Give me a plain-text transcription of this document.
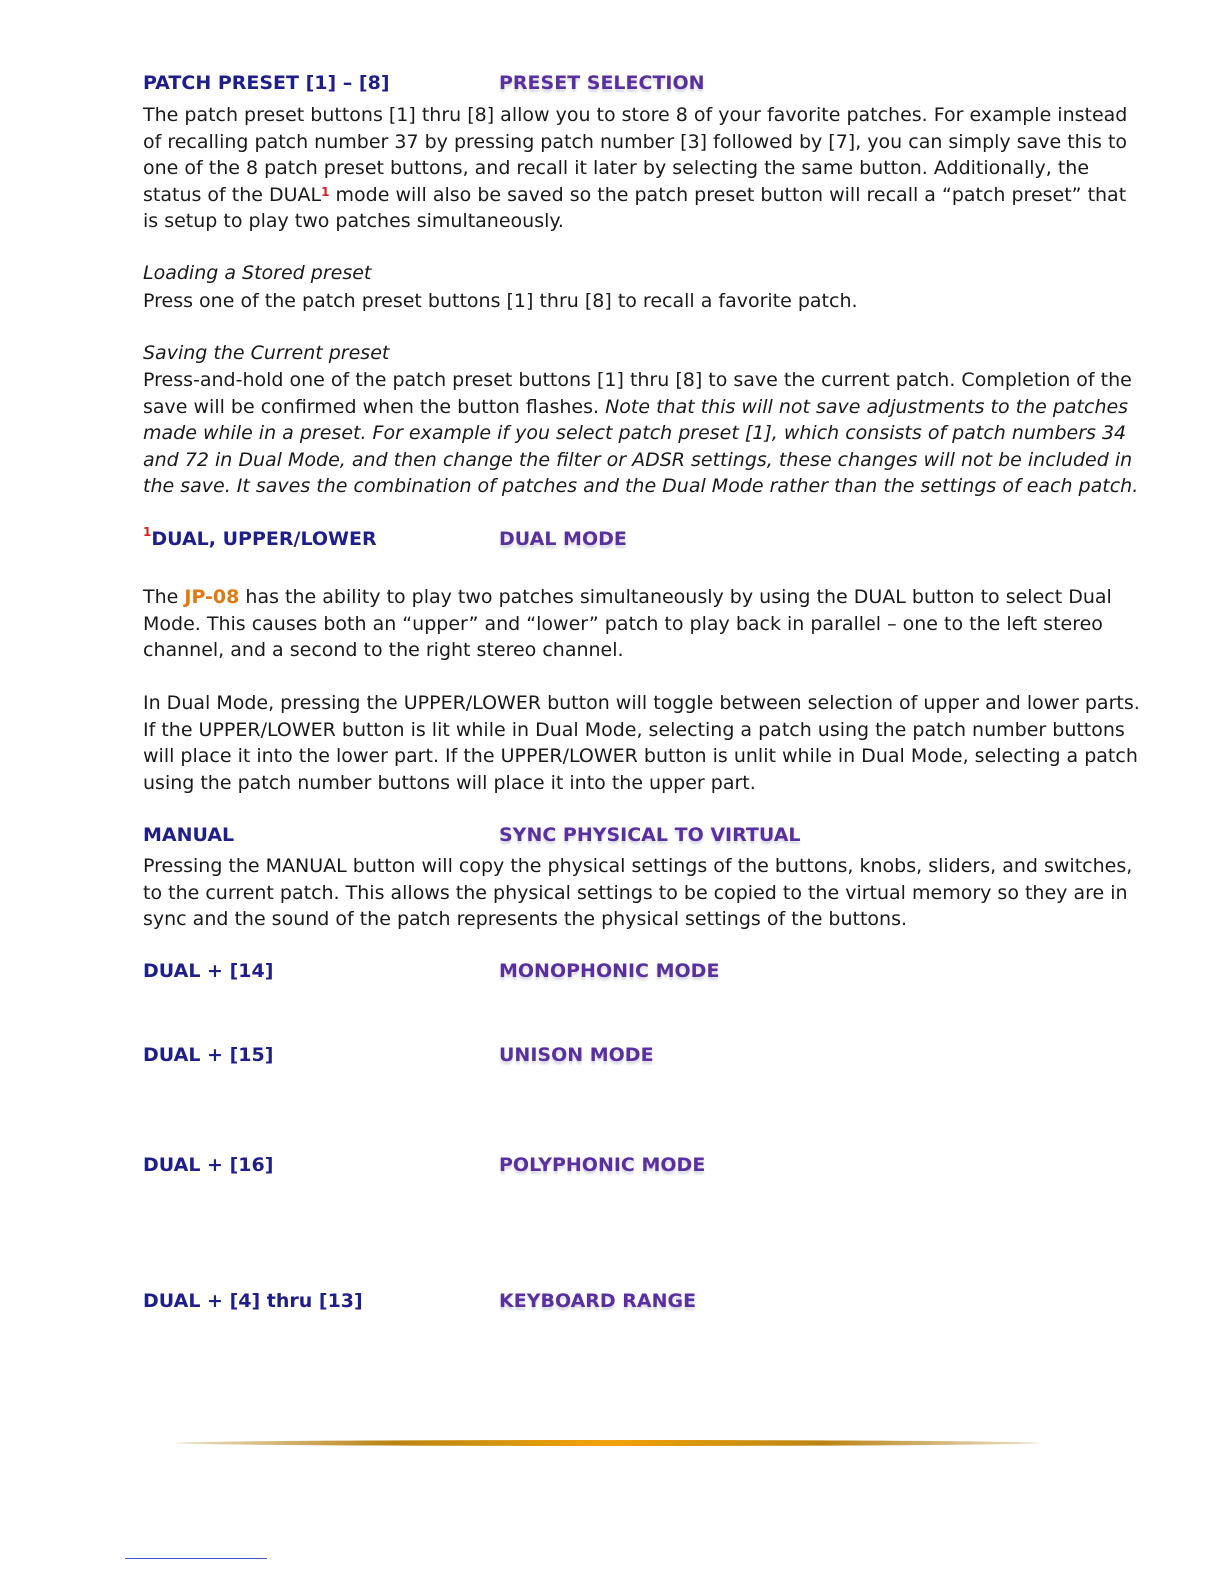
PATCH PRESET [1] – [8]	PRESET SELECTION
The patch preset buttons [1] thru [8] allow you to store 8 of your favorite patches. For example instead of recalling patch number 37 by pressing patch number [3] followed by [7], you can simply save this to one of the 8 patch preset buttons, and recall it later by selecting the same button. Additionally, the status of the DUAL$^1$ mode will also be saved so the patch preset button will recall a “patch preset” that is setup to play two patches simultaneously.
Loading a Stored preset
Press one of the patch preset buttons [1] thru [8] to recall a favorite patch.
Saving the Current preset
Press-and-hold one of the patch preset buttons [1] thru [8] to save the current patch. Completion of the save will be confirmed when the button flashes. Note that this will not save adjustments to the patches made while in a preset. For example if you select patch preset [1], which consists of patch numbers 34 and 72 in Dual Mode, and then change the filter or ADSR settings, these changes will not be included in the save. It saves the combination of patches and the Dual Mode rather than the settings of each patch.
$^1$DUAL, UPPER/LOWER	DUAL MODE
The JP-08 has the ability to play two patches simultaneously by using the DUAL button to select Dual Mode. This causes both an “upper” and “lower” patch to play back in parallel – one to the left stereo channel, and a second to the right stereo channel.
In Dual Mode, pressing the UPPER/LOWER button will toggle between selection of upper and lower parts. If the UPPER/LOWER button is lit while in Dual Mode, selecting a patch using the patch number buttons will place it into the lower part. If the UPPER/LOWER button is unlit while in Dual Mode, selecting a patch using the patch number buttons will place it into the upper part.
MANUAL	SYNC PHYSICAL TO VIRTUAL
Pressing the MANUAL button will copy the physical settings of the buttons, knobs, sliders, and switches, to the current patch. This allows the physical settings to be copied to the virtual memory so they are in sync and the sound of the patch represents the physical settings of the buttons.
DUAL + [14]	MONOPHONIC MODE
DUAL + [15]	UNISON MODE
DUAL + [16]	POLYPHONIC MODE
DUAL + [4] thru [13]	KEYBOARD RANGE
